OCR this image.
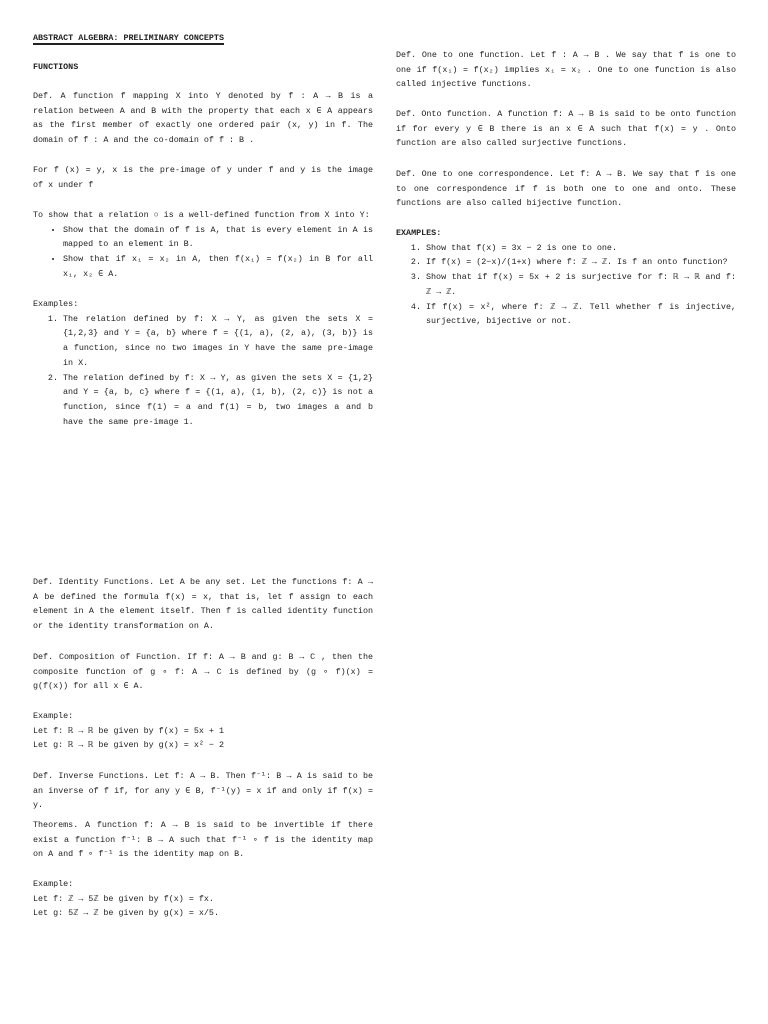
ABSTRACT ALGEBRA: PRELIMINARY CONCEPTS
FUNCTIONS
Def. A function f mapping X into Y denoted by f : A → B is a relation between A and B with the property that each x ∈ A appears as the first member of exactly one ordered pair (x, y) in f. The domain of f : A and the co-domain of f : B .
For f (x) = y, x is the pre-image of y under f and y is the image of x under f
To show that a relation ○ is a well-defined function from X into Y:
• Show that the domain of f is A, that is every element in A is mapped to an element in B.
• Show that if x₁ = x₂ in A, then f(x₁) = f(x₂) in B for all x₁, x₂ ∈ A.
Examples:
1. The relation defined by f: X → Y, as given the sets X = {1,2,3} and Y = {a, b} where f = {(1, a), (2, a), (3, b)} is a function, since no two images in Y have the same pre-image in X.
2. The relation defined by f: X → Y, as given the sets X = {1,2} and Y = {a, b, c} where f = {(1, a), (1, b), (2, c)} is not a function, since f(1) = a and f(1) = b, two images a and b have the same pre-image 1.
Def. One to one function. Let f : A → B . We say that f is one to one if f(x₁) = f(x₂) implies x₁ = x₂ . One to one function is also called injective functions.
Def. Onto function. A function f: A → B is said to be onto function if for every y ∈ B there is an x ∈ A such that f(x) = y . Onto function are also called surjective functions.
Def. One to one correspondence. Let f: A → B. We say that f is one to one correspondence if f is both one to one and onto. These functions are also called bijective function.
EXAMPLES:
1. Show that f(x) = 3x − 2 is one to one.
2. If f(x) = (2−x)/(1+x) where f: ℤ → ℤ. Is f an onto function?
3. Show that if f(x) = 5x + 2 is surjective for f: ℝ → ℝ and f: ℤ → ℤ.
4. If f(x) = x², where f: ℤ → ℤ. Tell whether f is injective, surjective, bijective or not.
Def. Identity Functions. Let A be any set. Let the functions f: A → A be defined the formula f(x) = x, that is, let f assign to each element in A the element itself. Then f is called identity function or the identity transformation on A.
Def. Composition of Function. If f: A → B and g: B → C , then the composite function of g ∘ f: A → C is defined by (g ∘ f)(x) = g(f(x)) for all x ∈ A.
Example:
Let f: ℝ → ℝ be given by f(x) = 5x + 1
Let g: ℝ → ℝ be given by g(x) = x² − 2
Def. Inverse Functions. Let f: A → B. Then f⁻¹: B → A is said to be an inverse of f if, for any y ∈ B, f⁻¹(y) = x if and only if f(x) = y.
Theorems. A function f: A → B is said to be invertible if there exist a function f⁻¹: B → A such that f⁻¹ ∘ f is the identity map on A and f ∘ f⁻¹ is the identity map on B.
Example:
Let f: ℤ → 5ℤ be given by f(x) = fx.
Let g: 5ℤ → ℤ be given by g(x) = x/5.
